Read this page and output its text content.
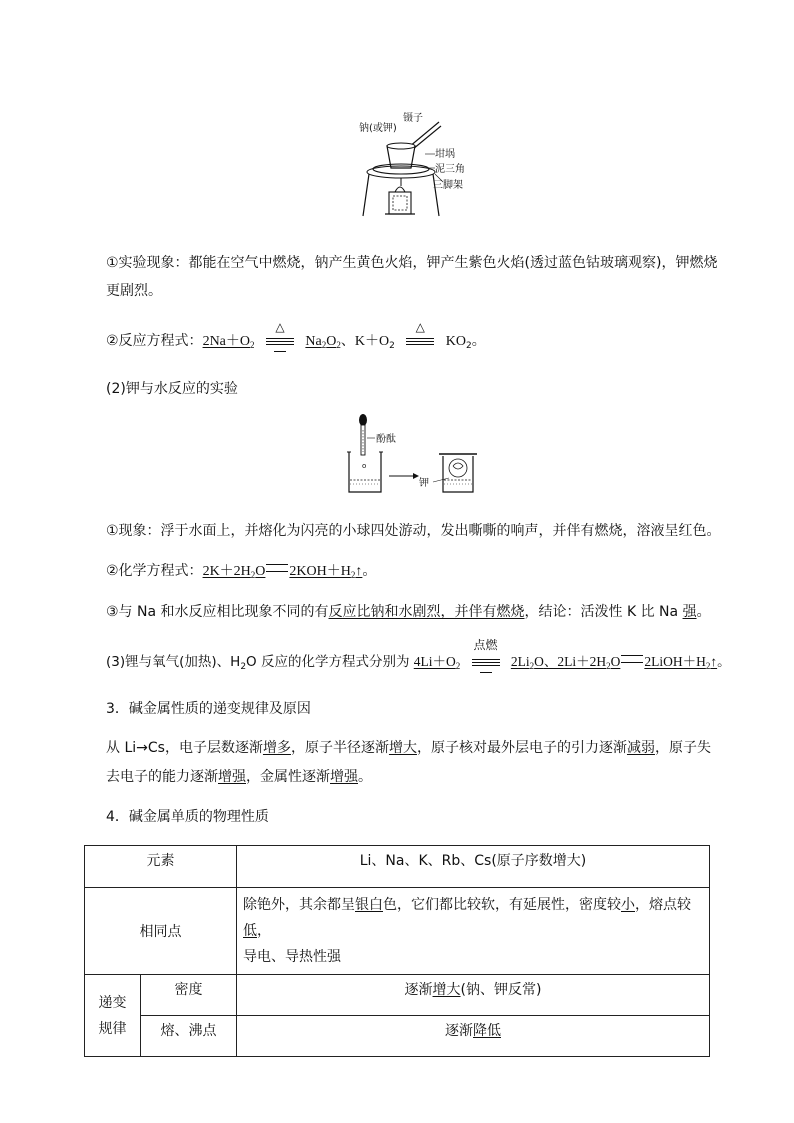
镊子
钠(或钾)
坩埚
泥三角
三脚架
①实验现象：都能在空气中燃烧，钠产生黄色火焰，钾产生紫色火焰(透过蓝色钴玻璃观察)，钾燃烧
更剧烈。
②反应方程式：$2Na+O_2$
△
$Na_2O_2$、$K+O_2$
△
$KO_2$。
(2)钾与水反应的实验
酚酞
o
钾
①现象：浮于水面上，并熔化为闪亮的小球四处游动，发出嘶嘶的响声，并伴有燃烧，溶液呈红色。
②化学方程式：$2K+2H_2O$ $2KOH+H_2↑$。
③与 Na 和水反应相比现象不同的有反应比钠和水剧烈，并伴有燃烧，结论：活泼性 K 比 Na 强。
(3)锂与氧气(加热)、$H_2O$ 反应的化学方程式分别为 $4Li+O_2$
点燃
$2Li_2O$、$2Li+2H_2O$ $2LiOH+H_2↑$。
3．碱金属性质的递变规律及原因
从 Li→Cs，电子层数逐渐增多，原子半径逐渐增大，原子核对最外层电子的引力逐渐减弱，原子失
去电子的能力逐渐增强，金属性逐渐增强。
4．碱金属单质的物理性质
元素		Li、Na、K、Rb、Cs(原子序数增大)
相同点		除铯外，其余都呈银白色，它们都比较软，有延展性，密度较小，熔点较低，
导电、导热性强
递变规律	密度	逐渐增大(钠、钾反常)
	熔、沸点	逐渐降低
